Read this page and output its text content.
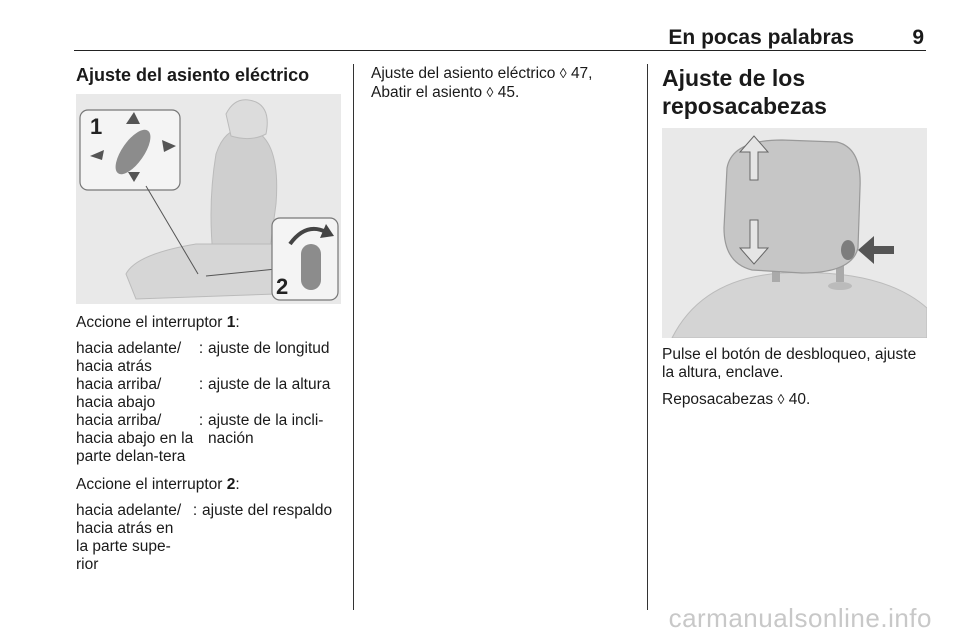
En pocas palabras	9
Ajuste del asiento eléctrico
1
2

Accione el interruptor 1:

hacia adelante/ hacia atrás
: ajuste de longitud
hacia arriba/ hacia abajo
: ajuste de la altura
hacia arriba/ hacia abajo en la parte delan-tera
: ajuste de la incli-nación

Accione el interruptor 2:

hacia adelante/ hacia atrás en la parte supe-rior
: ajuste del respaldo

Ajuste del asiento eléctrico ◊ 47,

Abatir el asiento ◊ 45.

Ajuste de los reposacabezas

Pulse el botón de desbloqueo, ajuste la altura, enclave.

Reposacabezas ◊ 40.

carmanualsonline.info
